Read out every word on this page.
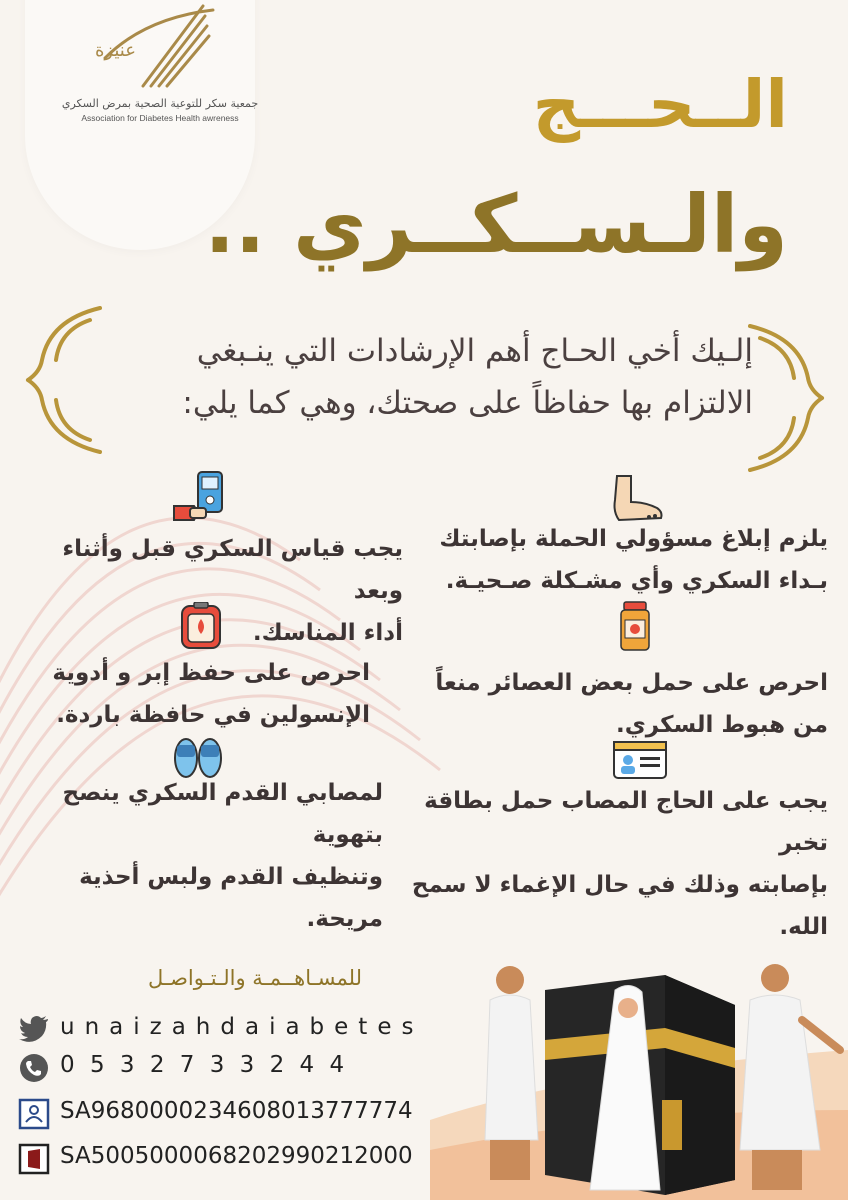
عنيزة
جمعية سكر للتوعية الصحية بمرض السكري
Association for Diabetes Health awreness	الــحـــج
والـســكــري ..
إلـيك أخي الحـاج أهم الإرشادات التي ينـبغي
الالتزام بها حفاظاً على صحتك، وهي كما يلي:
يلزم إبلاغ مسؤولي الحملة بإصابتك
بـداء السكري وأي مشـكلة صـحيـة.
احرص على حمل بعض العصائر منعاً
من هبوط السكري.
يجب على الحاج المصاب حمل بطاقة تخبر
بإصابته وذلك في حال الإغماء لا سمح الله.
يجب قياس السكري قبل وأثناء وبعد
أداء المناسك.
احرص على حفظ إبر و أدوية
الإنسولين في حافظة باردة.
لمصابي القدم السكري ينصح بتهوية
وتنظيف القدم ولبس أحذية مريحة.
للمسـاهــمـة والـتـواصـل
unaizahdaiabetes
0 5 3 2 7 3 3 2 4 4
SA9680000234608013777774
SA5005000068202990212000
